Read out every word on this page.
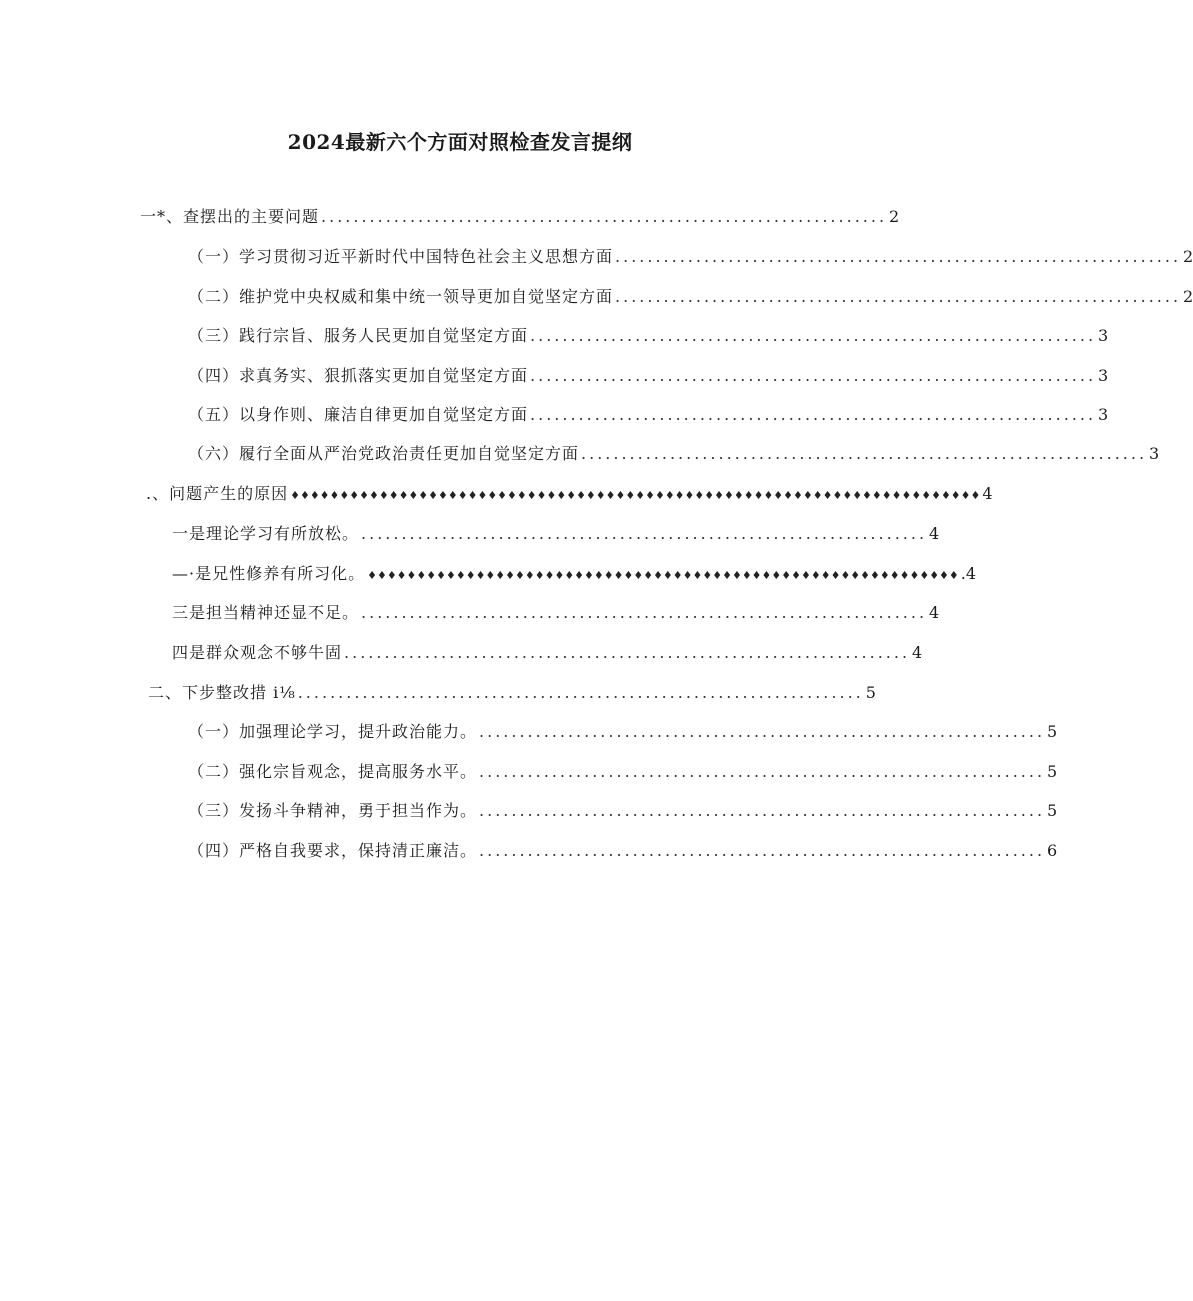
2024最新六个方面对照检查发言提纲
一*、查摆出的主要问题 ...................................................................... 2
（一）学习贯彻习近平新时代中国特色社会主义思想方面 ...................................................................... 2
（二）维护党中央权威和集中统一领导更加自觉坚定方面 ...................................................................... 2
（三）践行宗旨、服务人民更加自觉坚定方面 ...................................................................... 3
（四）求真务实、狠抓落实更加自觉坚定方面 ...................................................................... 3
（五）以身作则、廉洁自律更加自觉坚定方面 ...................................................................... 3
（六）履行全面从严治党政治责任更加自觉坚定方面 ...................................................................... 3
.、问题产生的原因 ♦♦♦♦♦♦♦♦♦♦♦♦♦♦♦♦♦♦♦♦♦♦♦♦♦♦♦♦♦♦♦♦♦♦♦♦♦♦♦♦♦♦♦♦♦♦♦♦♦♦♦♦♦♦♦♦♦♦♦♦♦♦♦♦♦♦♦♦♦♦ 4
一是理论学习有所放松。 ...................................................................... 4
—·是兄性修养有所习化。 ♦♦♦♦♦♦♦♦♦♦♦♦♦♦♦♦♦♦♦♦♦♦♦♦♦♦♦♦♦♦♦♦♦♦♦♦♦♦♦♦♦♦♦♦♦♦♦♦♦♦♦♦♦♦♦♦♦♦♦♦ .4
三是担当精神还显不足。 ...................................................................... 4
四是群众观念不够牛固 ...................................................................... 4
二、下步整改措 i⅛ ...................................................................... 5
（一）加强理论学习，提升政治能力。 ...................................................................... 5
（二）强化宗旨观念，提高服务水平。 ...................................................................... 5
（三）发扬斗争精神，勇于担当作为。 ...................................................................... 5
（四）严格自我要求，保持清正廉洁。 ...................................................................... 6
